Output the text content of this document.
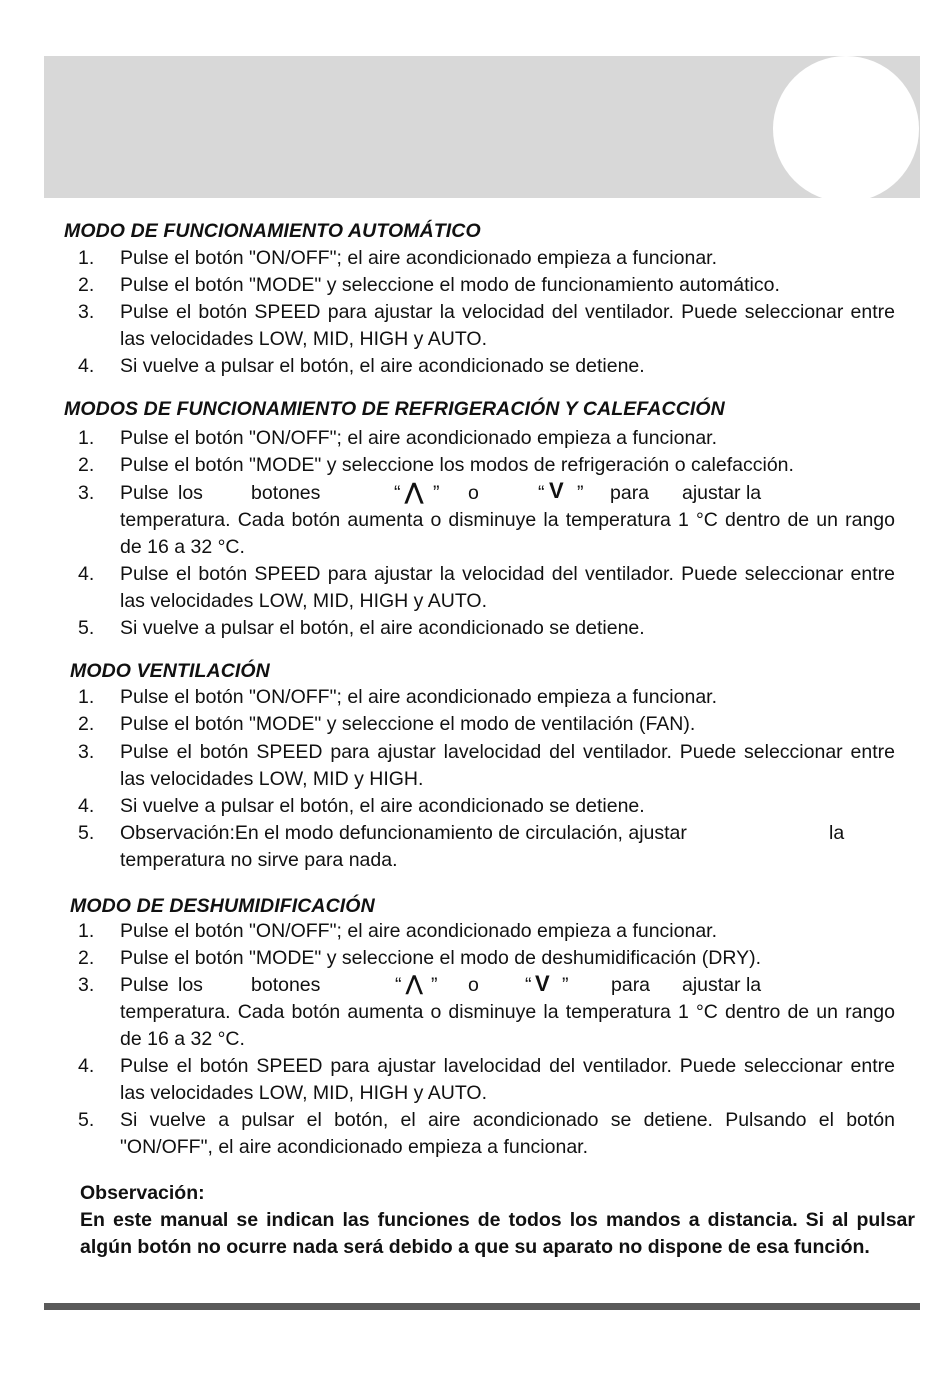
MODO DE FUNCIONAMIENTO AUTOMÁTICO
1. Pulse el botón "ON/OFF"; el aire acondicionado empieza a funcionar.
2. Pulse el botón "MODE" y seleccione el modo de funcionamiento automático.
3. Pulse el botón SPEED para ajustar la velocidad del ventilador. Puede seleccionar entre las velocidades LOW, MID, HIGH y AUTO.
4. Si vuelve a pulsar el botón, el aire acondicionado se detiene.
MODOS DE FUNCIONAMIENTO DE REFRIGERACIÓN Y CALEFACCIÓN
1. Pulse el botón "ON/OFF"; el aire acondicionado empieza a funcionar.
2. Pulse el botón "MODE" y seleccione los modos de refrigeración o calefacción.
3. Pulse los botones	“ ⋀ ” o	“ V ” para ajustar la
temperatura. Cada botón aumenta o disminuye la temperatura 1 °C dentro de un rango de 16 a 32 °C.
4. Pulse el botón SPEED para ajustar la velocidad del ventilador. Puede seleccionar entre las velocidades LOW, MID, HIGH y AUTO.
5. Si vuelve a pulsar el botón, el aire acondicionado se detiene.
MODO VENTILACIÓN
1. Pulse el botón "ON/OFF"; el aire acondicionado empieza a funcionar.
2. Pulse el botón "MODE" y seleccione el modo de ventilación (FAN).
3. Pulse el botón SPEED para ajustar lavelocidad del ventilador. Puede seleccionar entre las velocidades LOW, MID y HIGH.
4. Si vuelve a pulsar el botón, el aire acondicionado se detiene.
5. Observación:En el modo defuncionamiento de circulación, ajustar	la
temperatura no sirve para nada.
MODO DE DESHUMIDIFICACIÓN
1. Pulse el botón "ON/OFF"; el aire acondicionado empieza a funcionar.
2. Pulse el botón "MODE" y seleccione el modo de deshumidificación (DRY).
3. Pulse los botones	“ ⋀ ” o “ V ” para ajustar la
temperatura. Cada botón aumenta o disminuye la temperatura 1 °C dentro de un rango de 16 a 32 °C.
4. Pulse el botón SPEED para ajustar lavelocidad del ventilador. Puede seleccionar entre las velocidades LOW, MID, HIGH y AUTO.
5. Si vuelve a pulsar el botón, el aire acondicionado se detiene. Pulsando el botón "ON/OFF", el aire acondicionado empieza a funcionar.
Observación:
En este manual se indican las funciones de todos los mandos a distancia. Si al pulsar algún botón no ocurre nada será debido a que su aparato no dispone de esa función.
